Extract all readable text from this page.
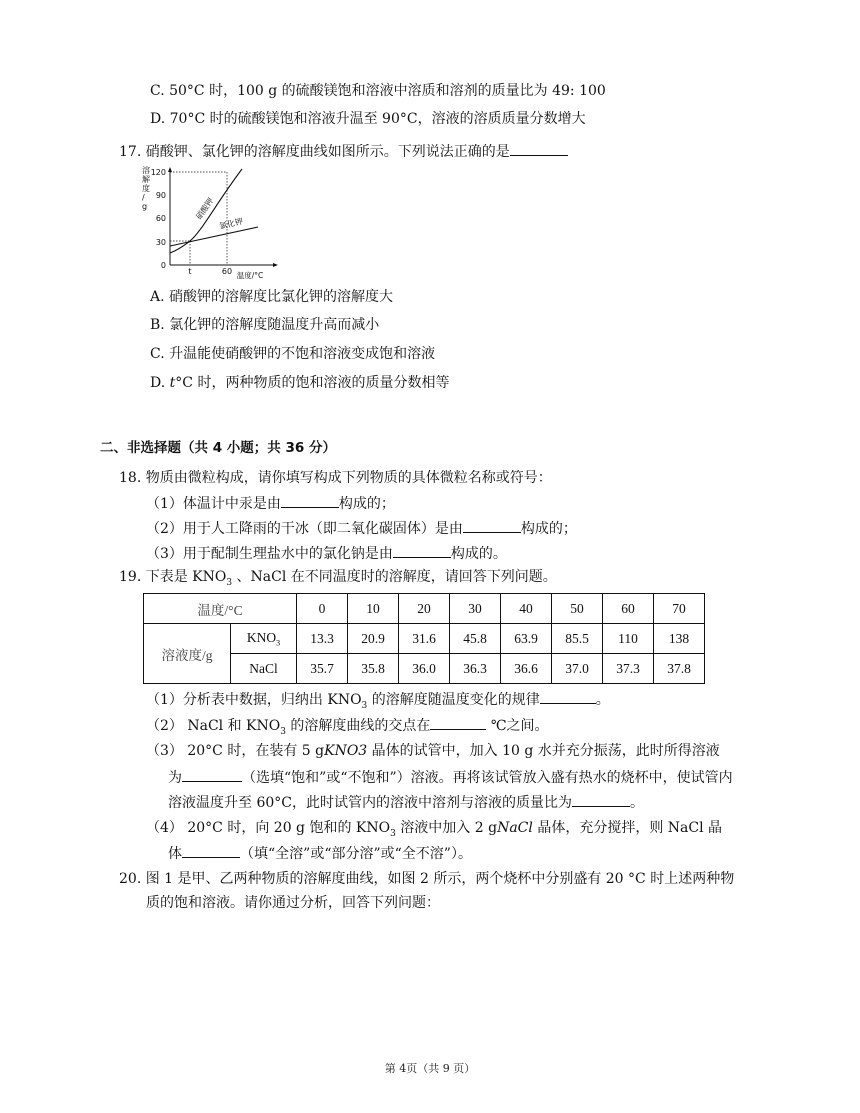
C. 50°C 时，100 g 的硫酸镁饱和溶液中溶质和溶剂的质量比为 49: 100
D. 70°C 时的硫酸镁饱和溶液升温至 90°C，溶液的溶质质量分数增大
17. 硝酸钾、氯化钾的溶解度曲线如图所示。下列说法正确的是
溶解度/ g
0
30
60
90
120
t	60 温度/°C
硝酸钾
氯化钾
A. 硝酸钾的溶解度比氯化钾的溶解度大
B. 氯化钾的溶解度随温度升高而减小
C. 升温能使硝酸钾的不饱和溶液变成饱和溶液
D. t°C 时，两种物质的饱和溶液的质量分数相等
二、非选择题（共 4 小题；共 36 分）
18. 物质由微粒构成，请你填写构成下列物质的具体微粒名称或符号：
（1）体温计中汞是由	构成的；
（2）用于人工降雨的干冰（即二氧化碳固体）是由	构成的；
（3）用于配制生理盐水中的氯化钠是由	构成的。
19. 下表是 $KNO_3$ 、NaCl 在不同温度时的溶解度，请回答下列问题。
温度/°C		0	10	20	30	40	50	60	70
溶液度/g	$KNO_3$	13.3	20.9	31.6	45.8	63.9	85.5	110	138
	NaCl	35.7	35.8	36.0	36.3	36.6	37.0	37.3	37.8
（1）分析表中数据，归纳出 $KNO_3$ 的溶解度随温度变化的规律	。
（2） NaCl 和 $KNO_3$ 的溶解度曲线的交点在	℃之间。
（3） 20°C 时，在装有 5 gKNO3 晶体的试管中，加入 10 g 水并充分振荡，此时所得溶液
为	（选填“饱和”或“不饱和”）溶液。再将该试管放入盛有热水的烧杯中，使试管内
溶液温度升至 60°C，此时试管内的溶液中溶剂与溶液的质量比为	。
（4） 20°C 时，向 20 g 饱和的 $KNO_3$ 溶液中加入 2 gNaCl 晶体，充分搅拌，则 NaCl 晶
体	（填“全溶”或“部分溶”或“全不溶”）。
20. 图 1 是甲、乙两种物质的溶解度曲线，如图 2 所示，两个烧杯中分别盛有 20 °C 时上述两种物
质的饱和溶液。请你通过分析，回答下列问题：
第 4页（共 9 页）
